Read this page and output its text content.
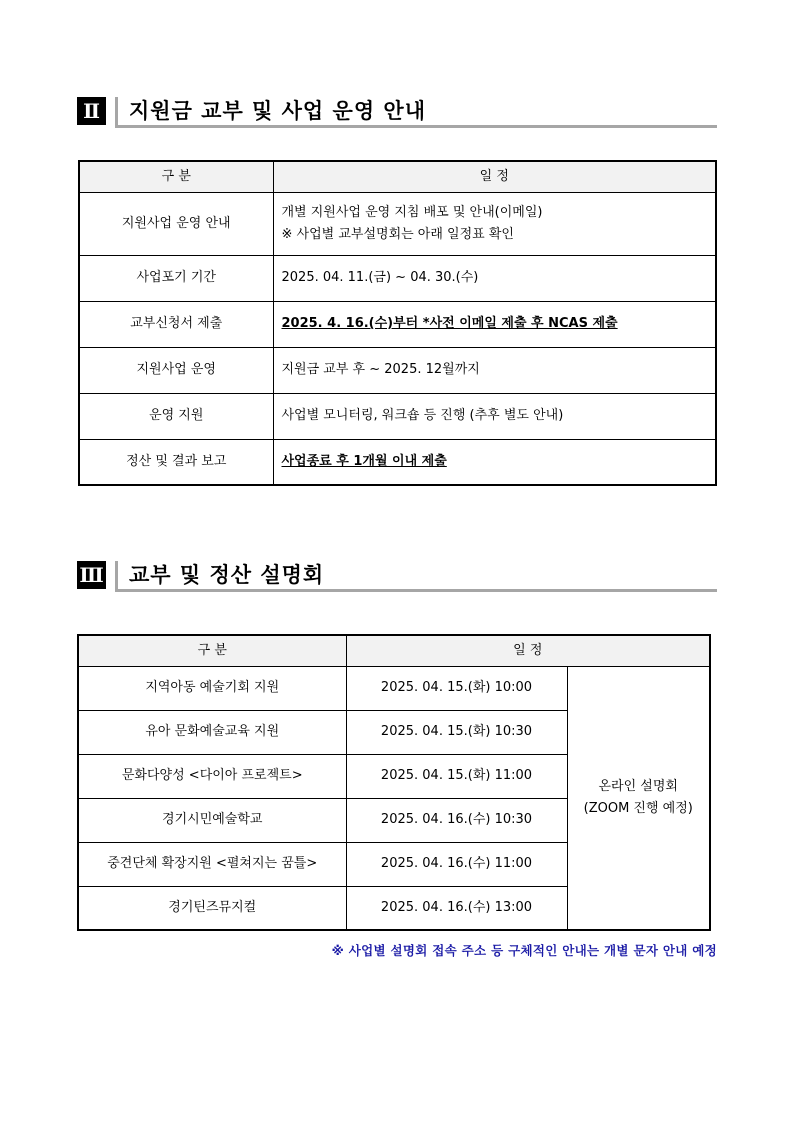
Ⅱ 지원금 교부 및 사업 운영 안내
구 분	일 정
지원사업 운영 안내	개별 지원사업 운영 지침 배포 및 안내(이메일)
※ 사업별 교부설명회는 아래 일정표 확인

사업포기 기간	2025. 04. 11.(금) ~ 04. 30.(수)
교부신청서 제출	2025. 4. 16.(수)부터 *사전 이메일 제출 후 NCAS 제출
지원사업 운영	지원금 교부 후 ~ 2025. 12월까지
운영 지원	사업별 모니터링, 워크숍 등 진행 (추후 별도 안내)
정산 및 결과 보고	사업종료 후 1개월 이내 제출
Ⅲ 교부 및 정산 설명회
구 분	일 정	
지역아동 예술기회 지원	2025. 04. 15.(화) 10:00	온라인 설명회
(ZOOM 진행 예정)

유아 문화예술교육 지원	2025. 04. 15.(화) 10:30	
문화다양성 <다이아 프로젝트>	2025. 04. 15.(화) 11:00	
경기시민예술학교	2025. 04. 16.(수) 10:30	
중견단체 확장지원 <펼쳐지는 꿈틀>	2025. 04. 16.(수) 11:00	
경기틴즈뮤지컬	2025. 04. 16.(수) 13:00	
※ 사업별 설명회 접속 주소 등 구체적인 안내는 개별 문자 안내 예정
